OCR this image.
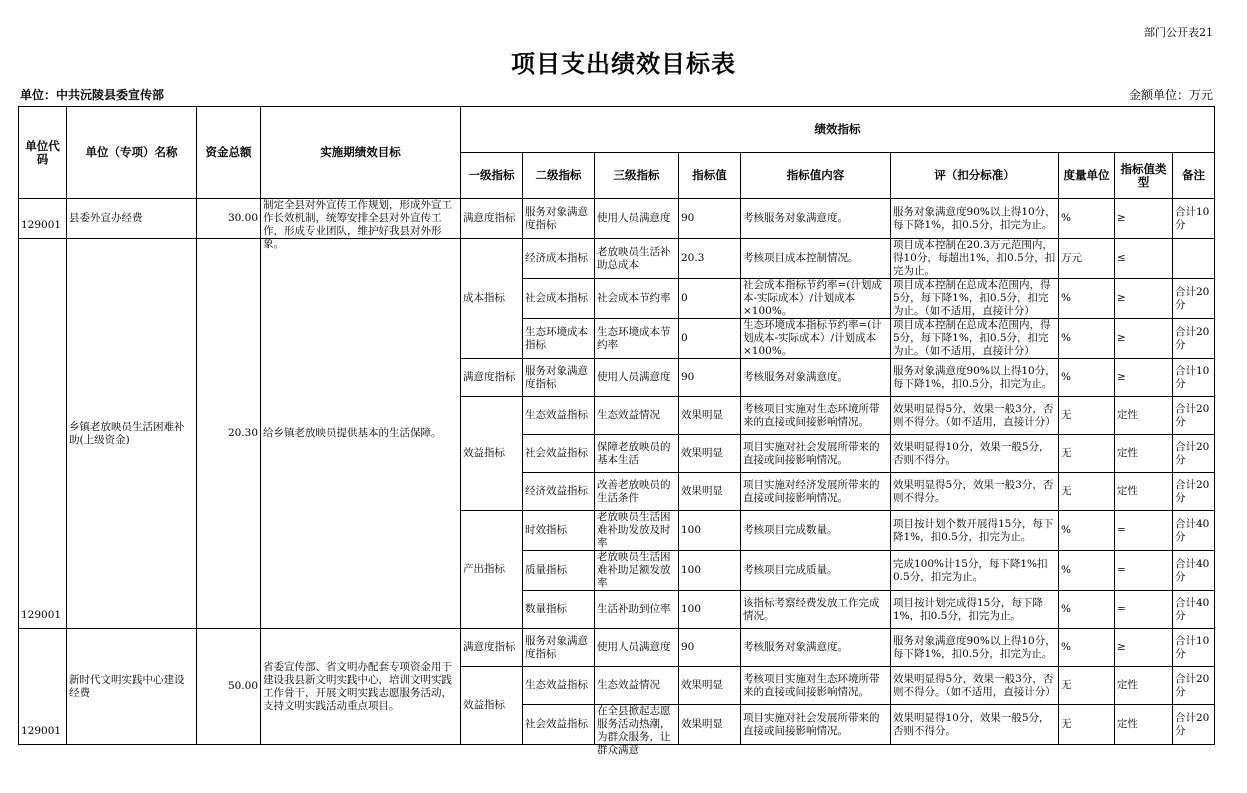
部门公开表21
项目支出绩效目标表
单位：中共沅陵县委宣传部	金额单位：万元
单位代码	单位（专项）名称	资金总额	实施期绩效目标	绩效指标								
				一级指标	二级指标	三级指标	指标值	指标值内容	评（扣分标准）	度量单位	指标值类型	备注

129001	县委外宣办经费	30.00	制定全县对外宣传工作规划，形成外宣工作长效机制，统筹安排全县对外宣传工作，形成专业团队，维护好我县对外形象。	满意度指标	服务对象满意度指标	使用人员满意度	90	考核服务对象满意度。	服务对象满意度90%以上得10分，每下降1%，扣0.5分，扣完为止。	%	≥	合计10分

129001	乡镇老放映员生活困难补助(上级资金)	20.30	给乡镇老放映员提供基本的生活保障。	成本指标	经济成本指标	老放映员生活补助总成本	20.3	考核项目成本控制情况。	项目成本控制在20.3万元范围内，得10分，每超出1%，扣0.5分，扣完为止。	万元	≤	

					社会成本指标	社会成本节约率	0	社会成本指标节约率=(计划成本-实际成本）/计划成本×100%。	项目成本控制在总成本范围内，得5分，每下降1%，扣0.5分，扣完为止。（如不适用，直接计分）	%	≥	合计20分

					生态环境成本指标	生态环境成本节约率	0	生态环境成本指标节约率=(计划成本-实际成本）/计划成本×100%。	项目成本控制在总成本范围内，得5分，每下降1%，扣0.5分，扣完为止。（如不适用，直接计分）	%	≥	合计20分

				满意度指标	服务对象满意度指标	使用人员满意度	90	考核服务对象满意度。	服务对象满意度90%以上得10分，每下降1%，扣0.5分，扣完为止。	%	≥	合计10分

				效益指标	生态效益指标	生态效益情况	效果明显	考核项目实施对生态环境所带来的直接或间接影响情况。	效果明显得5分，效果一般3分，否则不得分。（如不适用，直接计分）	无	定性	合计20分

					社会效益指标	保障老放映员的基本生活	效果明显	项目实施对社会发展所带来的直接或间接影响情况。	效果明显得10分，效果一般5分，否则不得分。	无	定性	合计20分

					经济效益指标	改善老放映员的生活条件	效果明显	项目实施对经济发展所带来的直接或间接影响情况。	效果明显得5分，效果一般3分，否则不得分。	无	定性	合计20分

				产出指标	时效指标	老放映员生活困难补助发放及时率	100	考核项目完成数量。	项目按计划个数开展得15分，每下降1%，扣0.5分，扣完为止。	%	=	合计40分

					质量指标	老放映员生活困难补助足额发放率	100	考核项目完成质量。	完成100%计15分，每下降1%扣0.5分，扣完为止。	%	=	合计40分

					数量指标	生活补助到位率	100	该指标考察经费发放工作完成情况。	项目按计划完成得15分，每下降1%，扣0.5分，扣完为止。	%	=	合计40分

129001	新时代文明实践中心建设经费	50.00	省委宣传部、省文明办配套专项资金用于建设我县新文明实践中心，培训文明实践工作骨干，开展文明实践志愿服务活动，支持文明实践活动重点项目。	满意度指标	服务对象满意度指标	使用人员满意度	90	考核服务对象满意度。	服务对象满意度90%以上得10分，每下降1%，扣0.5分，扣完为止。	%	≥	合计10分

				效益指标	生态效益指标	生态效益情况	效果明显	考核项目实施对生态环境所带来的直接或间接影响情况。	效果明显得5分，效果一般3分，否则不得分。（如不适用，直接计分）	无	定性	合计20分

					社会效益指标	在全县掀起志愿服务活动热潮，为群众服务，让群众满意	效果明显	项目实施对社会发展所带来的直接或间接影响情况。	效果明显得10分，效果一般5分，否则不得分。	无	定性	合计20分
